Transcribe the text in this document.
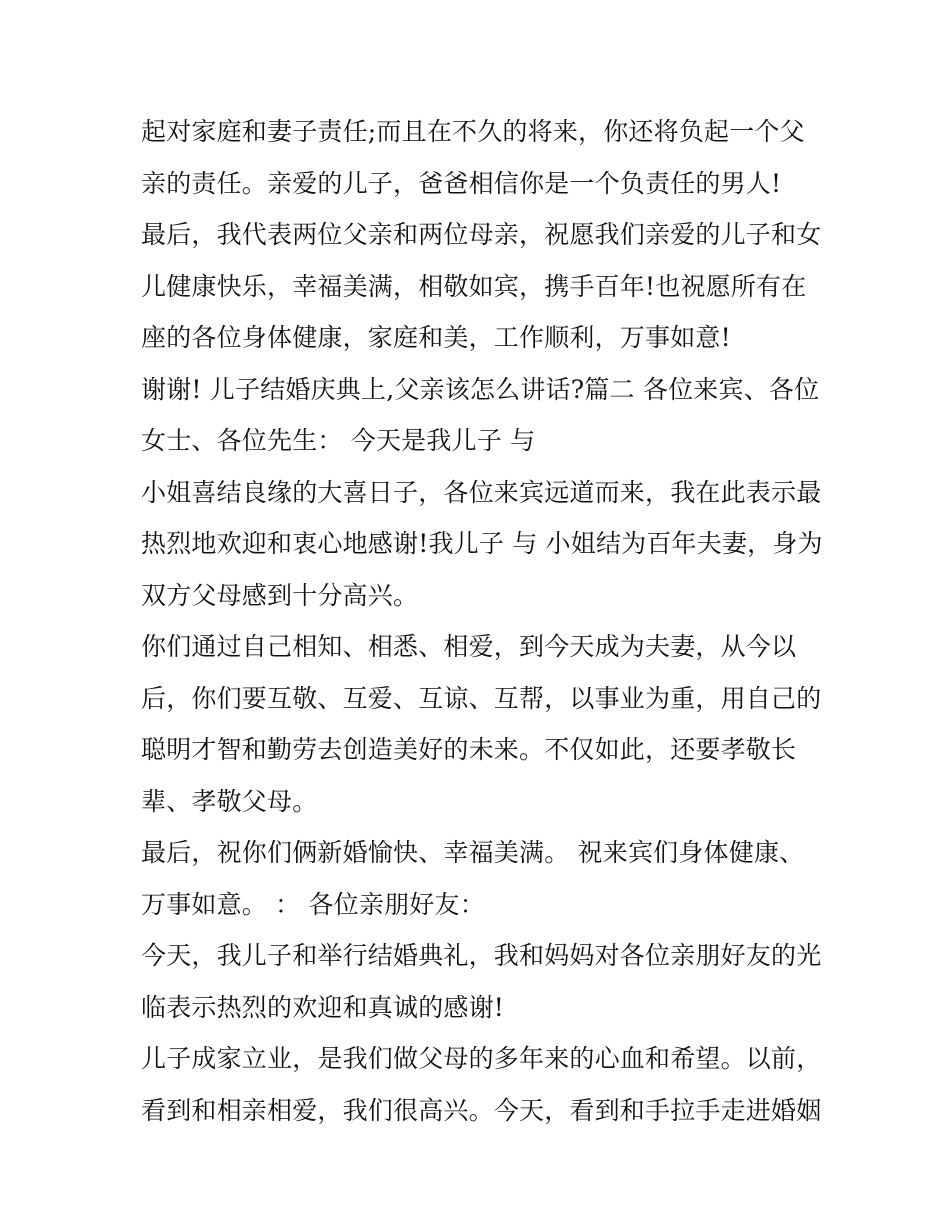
起对家庭和妻子责任;而且在不久的将来，你还将负起一个父
亲的责任。亲爱的儿子，爸爸相信你是一个负责任的男人!
最后，我代表两位父亲和两位母亲，祝愿我们亲爱的儿子和女
儿健康快乐，幸福美满，相敬如宾，携手百年!也祝愿所有在
座的各位身体健康，家庭和美，工作顺利，万事如意!
谢谢! 儿子结婚庆典上,父亲该怎么讲话?篇二 各位来宾、各位
女士、各位先生： 今天是我儿子 与
小姐喜结良缘的大喜日子，各位来宾远道而来，我在此表示最
热烈地欢迎和衷心地感谢!我儿子 与 小姐结为百年夫妻，身为
双方父母感到十分高兴。
你们通过自己相知、相悉、相爱，到今天成为夫妻，从今以
后，你们要互敬、互爱、互谅、互帮，以事业为重，用自己的
聪明才智和勤劳去创造美好的未来。不仅如此，还要孝敬长
辈、孝敬父母。
最后，祝你们俩新婚愉快、幸福美满。 祝来宾们身体健康、
万事如意。 ： 各位亲朋好友：
今天，我儿子和举行结婚典礼，我和妈妈对各位亲朋好友的光
临表示热烈的欢迎和真诚的感谢!
儿子成家立业，是我们做父母的多年来的心血和希望。以前，
看到和相亲相爱，我们很高兴。今天，看到和手拉手走进婚姻
